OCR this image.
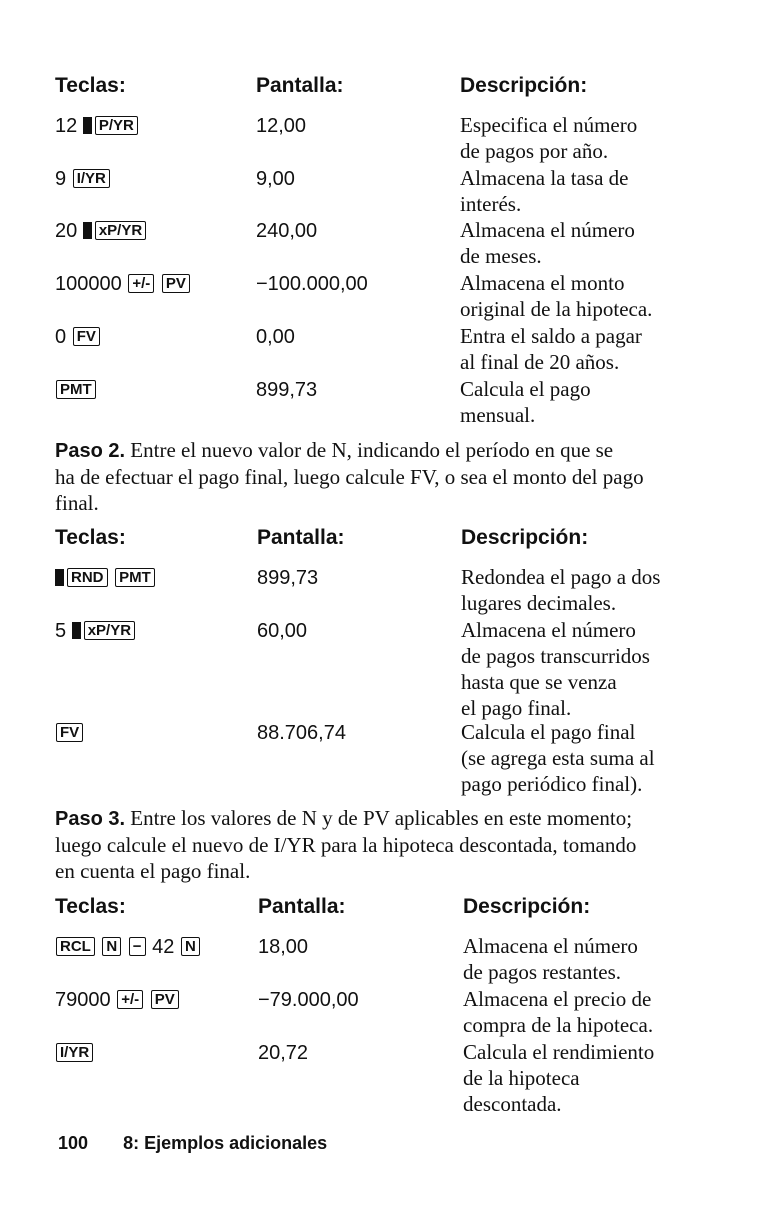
Teclas:	Pantalla:	Descripción:
12 P/YR	12,00	Especifica el número
de pagos por año.
9 I/YR	9,00	Almacena la tasa de
interés.
20 xP/YR	240,00	Almacena el número
de meses.
100000 +/- PV	−100.000,00	Almacena el monto
original de la hipoteca.
0 FV	0,00	Entra el saldo a pagar
al final de 20 años.
PMT	899,73	Calcula el pago
mensual.
Paso 2. Entre el nuevo valor de N, indicando el período en que se
ha de efectuar el pago final, luego calcule FV, o sea el monto del pago
final.
Teclas:	Pantalla:	Descripción:
RND PMT	899,73	Redondea el pago a dos
lugares decimales.
5 xP/YR	60,00	Almacena el número
de pagos transcurridos
hasta que se venza
el pago final.
FV	88.706,74	Calcula el pago final
(se agrega esta suma al
pago periódico final).
Paso 3. Entre los valores de N y de PV aplicables en este momento;
luego calcule el nuevo de I/YR para la hipoteca descontada, tomando
en cuenta el pago final.
Teclas:	Pantalla:	Descripción:
RCL N − 42 N	18,00	Almacena el número
de pagos restantes.
79000 +/- PV	−79.000,00	Almacena el precio de
compra de la hipoteca.
I/YR	20,72	Calcula el rendimiento
de la hipoteca
descontada.
100 8: Ejemplos adicionales
